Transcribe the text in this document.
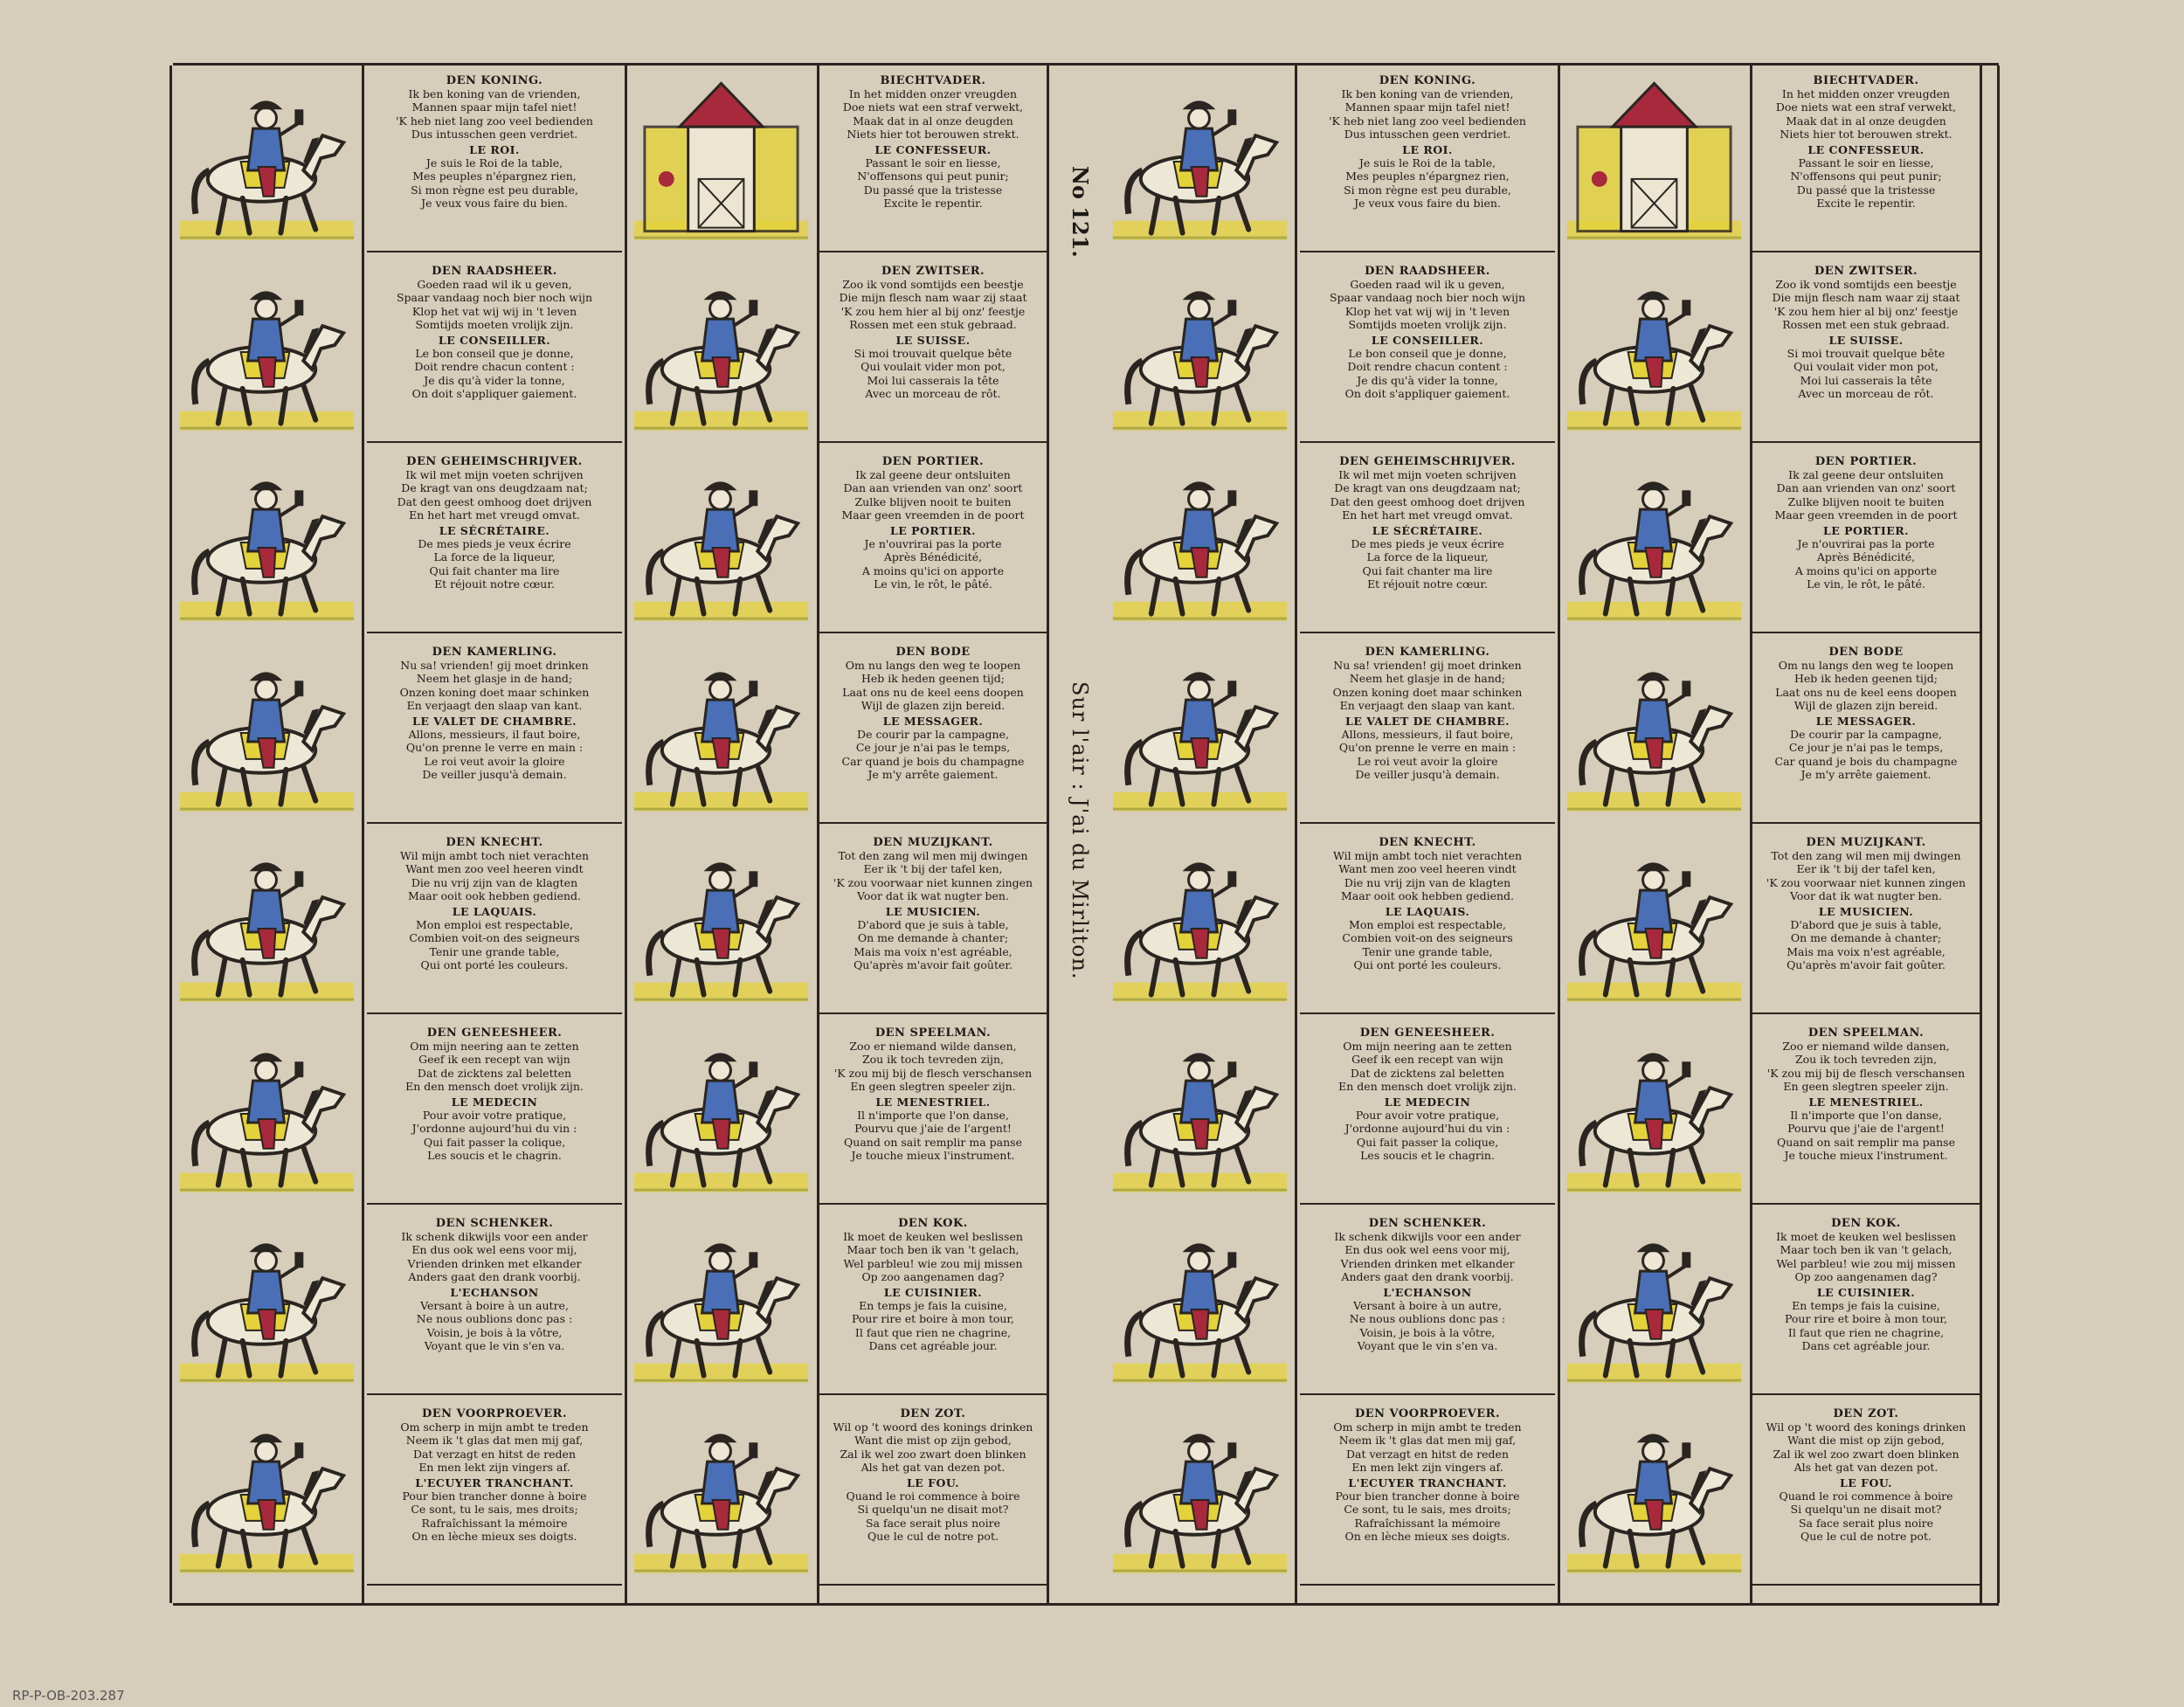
DEN KONING.
Ik ben koning van de vrienden,
Mannen spaar mijn tafel niet!
'K heb niet lang zoo veel bedienden
Dus intusschen geen verdriet.
LE ROI.
Je suis le Roi de la table,
Mes peuples n'épargnez rien,
Si mon règne est peu durable,
Je veux vous faire du bien.
BIECHTVADER.
In het midden onzer vreugden
Doe niets wat een straf verwekt,
Maak dat in al onze deugden
Niets hier tot berouwen strekt.
LE CONFESSEUR.
Passant le soir en liesse,
N'offensons qui peut punir;
Du passé que la tristesse
Excite le repentir.
DEN RAADSHEER.
Goeden raad wil ik u geven,
Spaar vandaag noch bier noch wijn
Klop het vat wij wij in 't leven
Somtijds moeten vrolijk zijn.
LE CONSEILLER.
Le bon conseil que je donne,
Doit rendre chacun content :
Je dis qu'à vider la tonne,
On doit s'appliquer gaiement.
DEN ZWITSER.
Zoo ik vond somtijds een beestje
Die mijn flesch nam waar zij staat
'K zou hem hier al bij onz' feestje
Rossen met een stuk gebraad.
LE SUISSE.
Si moi trouvait quelque bête
Qui voulait vider mon pot,
Moi lui casserais la tête
Avec un morceau de rôt.
DEN GEHEIMSCHRIJVER.
Ik wil met mijn voeten schrijven
De kragt van ons deugdzaam nat;
Dat den geest omhoog doet drijven
En het hart met vreugd omvat.
LE SÉCRÉTAIRE.
De mes pieds je veux écrire
La force de la liqueur,
Qui fait chanter ma lire
Et réjouit notre cœur.
DEN PORTIER.
Ik zal geene deur ontsluiten
Dan aan vrienden van onz' soort
Zulke blijven nooit te buiten
Maar geen vreemden in de poort
LE PORTIER.
Je n'ouvrirai pas la porte
Après Bénédicité,
A moins qu'ici on apporte
Le vin, le rôt, le pâté.
DEN KAMERLING.
Nu sa! vrienden! gij moet drinken
Neem het glasje in de hand;
Onzen koning doet maar schinken
En verjaagt den slaap van kant.
LE VALET DE CHAMBRE.
Allons, messieurs, il faut boire,
Qu'on prenne le verre en main :
Le roi veut avoir la gloire
De veiller jusqu'à demain.
DEN BODE
Om nu langs den weg te loopen
Heb ik heden geenen tijd;
Laat ons nu de keel eens doopen
Wijl de glazen zijn bereid.
LE MESSAGER.
De courir par la campagne,
Ce jour je n'ai pas le temps,
Car quand je bois du champagne
Je m'y arrête gaiement.
DEN KNECHT.
Wil mijn ambt toch niet verachten
Want men zoo veel heeren vindt
Die nu vrij zijn van de klagten
Maar ooit ook hebben gediend.
LE LAQUAIS.
Mon emploi est respectable,
Combien voit-on des seigneurs
Tenir une grande table,
Qui ont porté les couleurs.
DEN MUZIJKANT.
Tot den zang wil men mij dwingen
Eer ik 't bij der tafel ken,
'K zou voorwaar niet kunnen zingen
Voor dat ik wat nugter ben.
LE MUSICIEN.
D'abord que je suis à table,
On me demande à chanter;
Mais ma voix n'est agréable,
Qu'après m'avoir fait goûter.
DEN GENEESHEER.
Om mijn neering aan te zetten
Geef ik een recept van wijn
Dat de zicktens zal beletten
En den mensch doet vrolijk zijn.
LE MEDECIN
Pour avoir votre pratique,
J'ordonne aujourd'hui du vin :
Qui fait passer la colique,
Les soucis et le chagrin.
DEN SPEELMAN.
Zoo er niemand wilde dansen,
Zou ik toch tevreden zijn,
'K zou mij bij de flesch verschansen
En geen slegtren speeler zijn.
LE MENESTRIEL.
Il n'importe que l'on danse,
Pourvu que j'aie de l'argent!
Quand on sait remplir ma panse
Je touche mieux l'instrument.
DEN SCHENKER.
Ik schenk dikwijls voor een ander
En dus ook wel eens voor mij,
Vrienden drinken met elkander
Anders gaat den drank voorbij.
L'ECHANSON
Versant à boire à un autre,
Ne nous oublions donc pas :
Voisin, je bois à la vôtre,
Voyant que le vin s'en va.
DEN KOK.
Ik moet de keuken wel beslissen
Maar toch ben ik van 't gelach,
Wel parbleu! wie zou mij missen
Op zoo aangenamen dag?
LE CUISINIER.
En temps je fais la cuisine,
Pour rire et boire à mon tour,
Il faut que rien ne chagrine,
Dans cet agréable jour.
DEN VOORPROEVER.
Om scherp in mijn ambt te treden
Neem ik 't glas dat men mij gaf,
Dat verzagt en hitst de reden
En men lekt zijn vingers af.
L'ECUYER TRANCHANT.
Pour bien trancher donne à boire
Ce sont, tu le sais, mes droits;
Rafraîchissant la mémoire
On en lèche mieux ses doigts.
DEN ZOT.
Wil op 't woord des konings drinken
Want die mist op zijn gebod,
Zal ik wel zoo zwart doen blinken
Als het gat van dezen pot.
LE FOU.
Quand le roi commence à boire
Si quelqu'un ne disait mot?
Sa face serait plus noire
Que le cul de notre pot.
DEN KONING.
Ik ben koning van de vrienden,
Mannen spaar mijn tafel niet!
'K heb niet lang zoo veel bedienden
Dus intusschen geen verdriet.
LE ROI.
Je suis le Roi de la table,
Mes peuples n'épargnez rien,
Si mon règne est peu durable,
Je veux vous faire du bien.
BIECHTVADER.
In het midden onzer vreugden
Doe niets wat een straf verwekt,
Maak dat in al onze deugden
Niets hier tot berouwen strekt.
LE CONFESSEUR.
Passant le soir en liesse,
N'offensons qui peut punir;
Du passé que la tristesse
Excite le repentir.
DEN RAADSHEER.
Goeden raad wil ik u geven,
Spaar vandaag noch bier noch wijn
Klop het vat wij wij in 't leven
Somtijds moeten vrolijk zijn.
LE CONSEILLER.
Le bon conseil que je donne,
Doit rendre chacun content :
Je dis qu'à vider la tonne,
On doit s'appliquer gaiement.
DEN ZWITSER.
Zoo ik vond somtijds een beestje
Die mijn flesch nam waar zij staat
'K zou hem hier al bij onz' feestje
Rossen met een stuk gebraad.
LE SUISSE.
Si moi trouvait quelque bête
Qui voulait vider mon pot,
Moi lui casserais la tête
Avec un morceau de rôt.
DEN GEHEIMSCHRIJVER.
Ik wil met mijn voeten schrijven
De kragt van ons deugdzaam nat;
Dat den geest omhoog doet drijven
En het hart met vreugd omvat.
LE SÉCRÉTAIRE.
De mes pieds je veux écrire
La force de la liqueur,
Qui fait chanter ma lire
Et réjouit notre cœur.
DEN PORTIER.
Ik zal geene deur ontsluiten
Dan aan vrienden van onz' soort
Zulke blijven nooit te buiten
Maar geen vreemden in de poort
LE PORTIER.
Je n'ouvrirai pas la porte
Après Bénédicité,
A moins qu'ici on apporte
Le vin, le rôt, le pâté.
DEN KAMERLING.
Nu sa! vrienden! gij moet drinken
Neem het glasje in de hand;
Onzen koning doet maar schinken
En verjaagt den slaap van kant.
LE VALET DE CHAMBRE.
Allons, messieurs, il faut boire,
Qu'on prenne le verre en main :
Le roi veut avoir la gloire
De veiller jusqu'à demain.
DEN BODE
Om nu langs den weg te loopen
Heb ik heden geenen tijd;
Laat ons nu de keel eens doopen
Wijl de glazen zijn bereid.
LE MESSAGER.
De courir par la campagne,
Ce jour je n'ai pas le temps,
Car quand je bois du champagne
Je m'y arrête gaiement.
DEN KNECHT.
Wil mijn ambt toch niet verachten
Want men zoo veel heeren vindt
Die nu vrij zijn van de klagten
Maar ooit ook hebben gediend.
LE LAQUAIS.
Mon emploi est respectable,
Combien voit-on des seigneurs
Tenir une grande table,
Qui ont porté les couleurs.
DEN MUZIJKANT.
Tot den zang wil men mij dwingen
Eer ik 't bij der tafel ken,
'K zou voorwaar niet kunnen zingen
Voor dat ik wat nugter ben.
LE MUSICIEN.
D'abord que je suis à table,
On me demande à chanter;
Mais ma voix n'est agréable,
Qu'après m'avoir fait goûter.
DEN GENEESHEER.
Om mijn neering aan te zetten
Geef ik een recept van wijn
Dat de zicktens zal beletten
En den mensch doet vrolijk zijn.
LE MEDECIN
Pour avoir votre pratique,
J'ordonne aujourd'hui du vin :
Qui fait passer la colique,
Les soucis et le chagrin.
DEN SPEELMAN.
Zoo er niemand wilde dansen,
Zou ik toch tevreden zijn,
'K zou mij bij de flesch verschansen
En geen slegtren speeler zijn.
LE MENESTRIEL.
Il n'importe que l'on danse,
Pourvu que j'aie de l'argent!
Quand on sait remplir ma panse
Je touche mieux l'instrument.
DEN SCHENKER.
Ik schenk dikwijls voor een ander
En dus ook wel eens voor mij,
Vrienden drinken met elkander
Anders gaat den drank voorbij.
L'ECHANSON
Versant à boire à un autre,
Ne nous oublions donc pas :
Voisin, je bois à la vôtre,
Voyant que le vin s'en va.
DEN KOK.
Ik moet de keuken wel beslissen
Maar toch ben ik van 't gelach,
Wel parbleu! wie zou mij missen
Op zoo aangenamen dag?
LE CUISINIER.
En temps je fais la cuisine,
Pour rire et boire à mon tour,
Il faut que rien ne chagrine,
Dans cet agréable jour.
DEN VOORPROEVER.
Om scherp in mijn ambt te treden
Neem ik 't glas dat men mij gaf,
Dat verzagt en hitst de reden
En men lekt zijn vingers af.
L'ECUYER TRANCHANT.
Pour bien trancher donne à boire
Ce sont, tu le sais, mes droits;
Rafraîchissant la mémoire
On en lèche mieux ses doigts.
DEN ZOT.
Wil op 't woord des konings drinken
Want die mist op zijn gebod,
Zal ik wel zoo zwart doen blinken
Als het gat van dezen pot.
LE FOU.
Quand le roi commence à boire
Si quelqu'un ne disait mot?
Sa face serait plus noire
Que le cul de notre pot.
No 121.
Sur l'air : J'ai du Mirliton.
RP-P-OB-203.287
